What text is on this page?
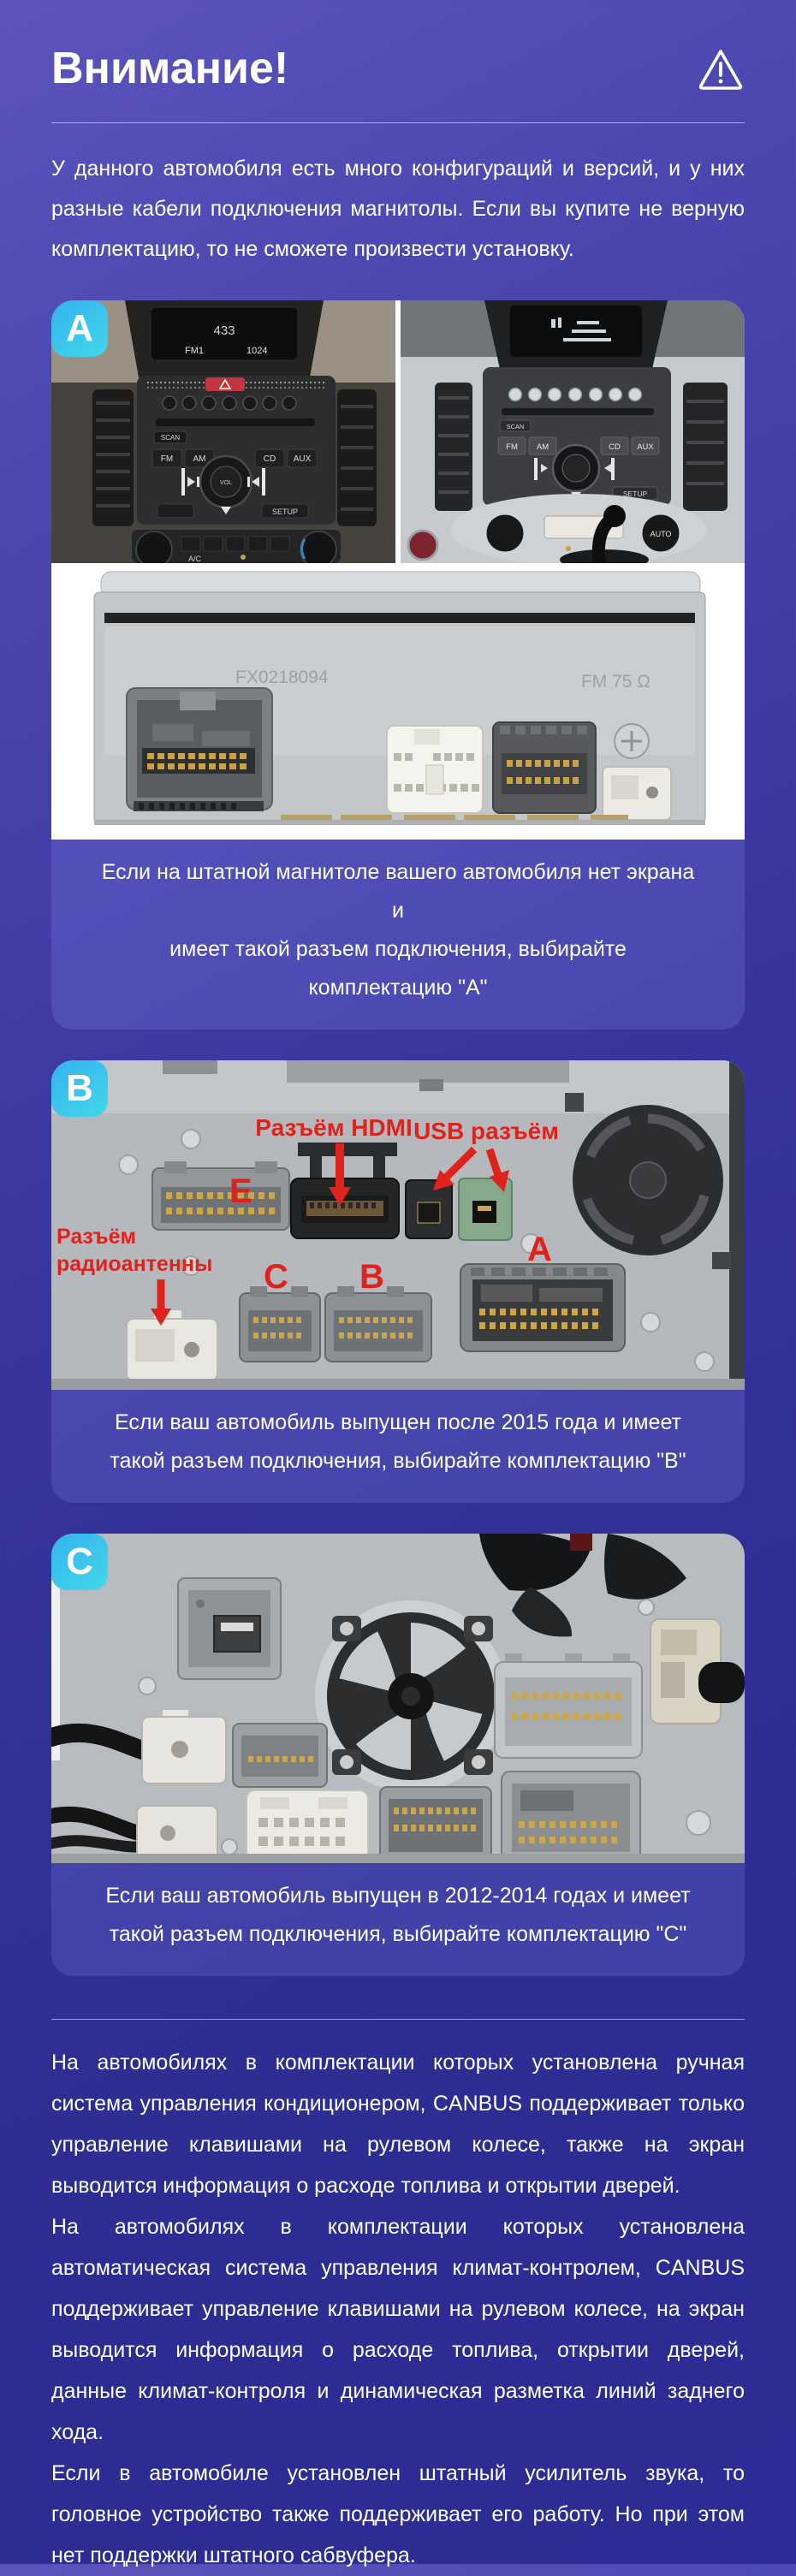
Внимание!

У данного автомобиля есть много конфигураций и версий, и у них разные кабели подключения магнитолы. Если вы купите не верную комплектацию, то не сможете произвести установку.

A	433
FM1	1024
SCAN
FM AM	CD AUX
VOL
SETUP
A/C
SCAN
FM AM	CD AUX
SETUP
AUTO
FX0218094	FM 75 Ω
Если на штатной магнитоле вашего автомобиля нет экрана и
имеет такой разъем подключения, выбирайте комплектацию "А"
B
Разъём HDMI USB разъём
Разъём
радиоантенны
E
C B
A
Если ваш автомобиль выпущен после 2015 года и имеет
такой разъем подключения, выбирайте комплектацию "B"
C
Если ваш автомобиль выпущен в 2012-2014 годах и имеет
такой разъем подключения, выбирайте комплектацию "C"

На автомобилях в комплектации которых установлена ручная система управления кондиционером, CANBUS поддерживает только управление клавишами на рулевом колесе, также на экран выводится информация о расходе топлива и открытии дверей.

На автомобилях в комплектации которых установлена автоматическая система управления климат-контролем, CANBUS поддерживает управление клавишами на рулевом колесе, на экран выводится информация о расходе топлива, открытии дверей, данные климат-контроля и динамическая разметка линий заднего хода.

Если в автомобиле установлен штатный усилитель звука, то головное устройство также поддерживает его работу. Но при этом нет поддержки штатного сабвуфера.
